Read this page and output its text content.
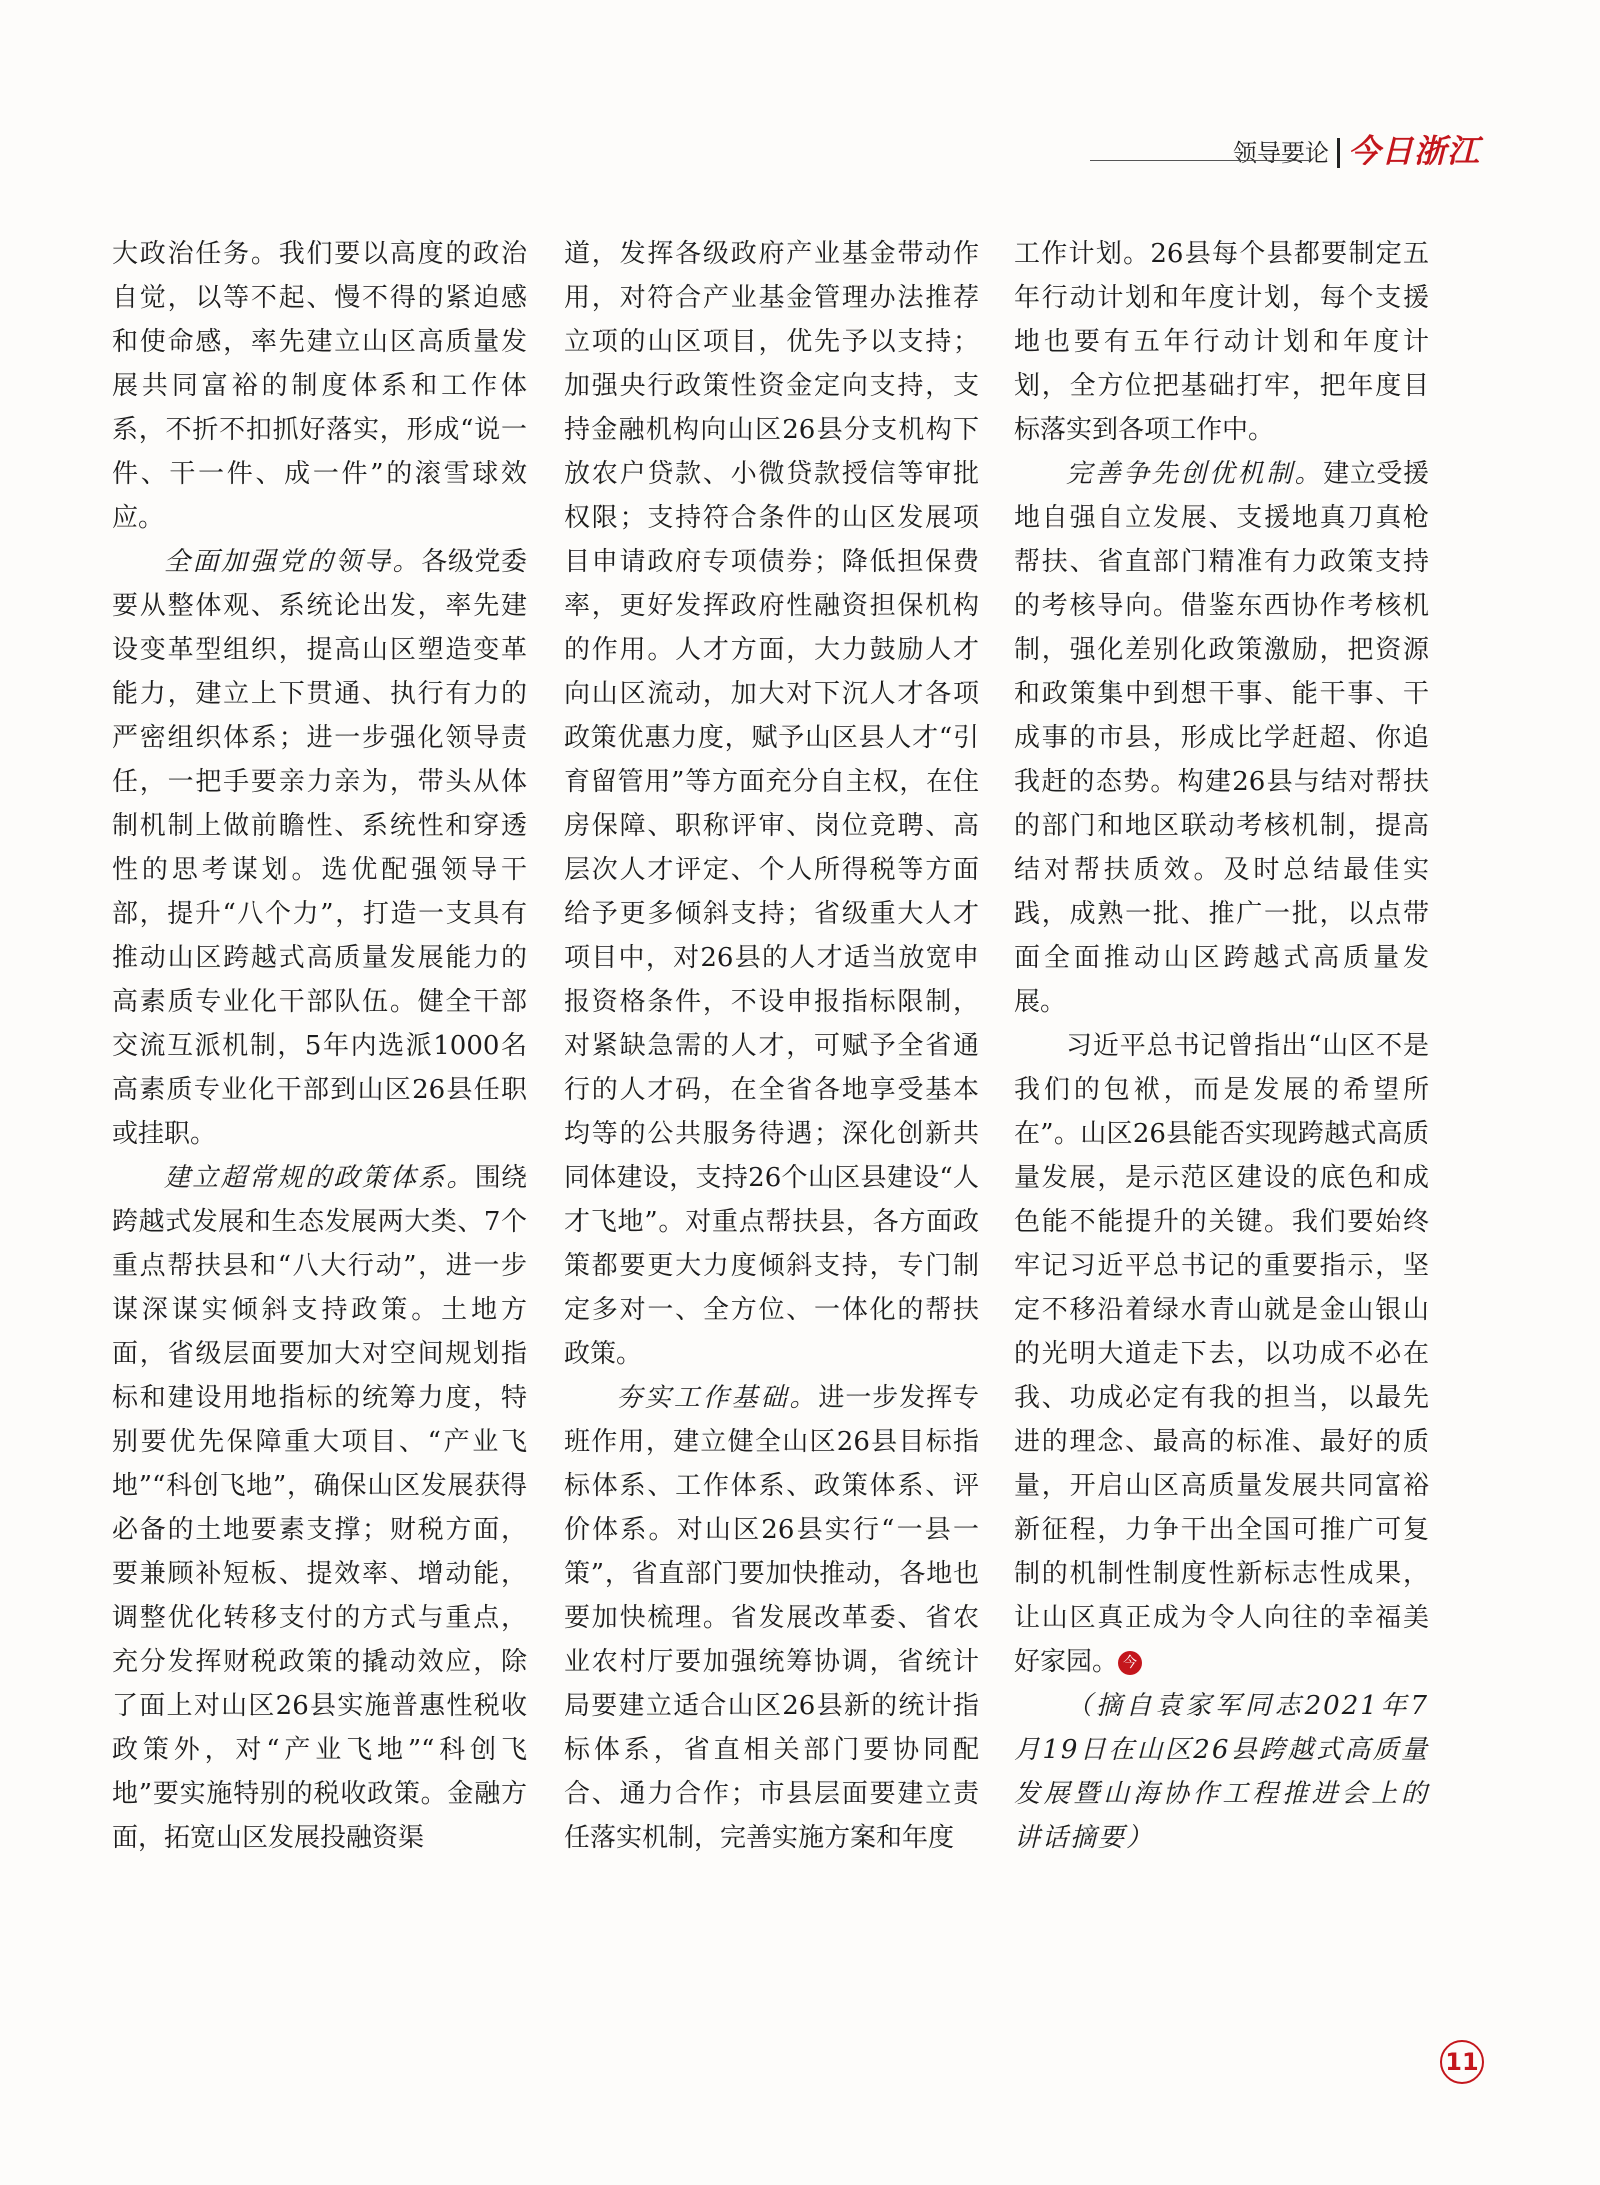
领导要论 今日浙江

大政治任务。我们要以高度的政治自觉，以等不起、慢不得的紧迫感和使命感，率先建立山区高质量发展共同富裕的制度体系和工作体系，不折不扣抓好落实，形成“说一件、干一件、成一件”的滚雪球效应。

全面加强党的领导。各级党委要从整体观、系统论出发，率先建设变革型组织，提高山区塑造变革能力，建立上下贯通、执行有力的严密组织体系；进一步强化领导责任，一把手要亲力亲为，带头从体制机制上做前瞻性、系统性和穿透性的思考谋划。选优配强领导干部，提升“八个力”，打造一支具有推动山区跨越式高质量发展能力的高素质专业化干部队伍。健全干部交流互派机制，5年内选派1000名高素质专业化干部到山区26县任职或挂职。

建立超常规的政策体系。围绕跨越式发展和生态发展两大类、7个重点帮扶县和“八大行动”，进一步谋深谋实倾斜支持政策。土地方面，省级层面要加大对空间规划指标和建设用地指标的统筹力度，特别要优先保障重大项目、“产业飞地”“科创飞地”，确保山区发展获得必备的土地要素支撑；财税方面，要兼顾补短板、提效率、增动能，调整优化转移支付的方式与重点，充分发挥财税政策的撬动效应，除了面上对山区26县实施普惠性税收政策外，对“产业飞地”“科创飞地”要实施特别的税收政策。金融方面，拓宽山区发展投融资渠

道，发挥各级政府产业基金带动作用，对符合产业基金管理办法推荐立项的山区项目，优先予以支持；加强央行政策性资金定向支持，支持金融机构向山区26县分支机构下放农户贷款、小微贷款授信等审批权限；支持符合条件的山区发展项目申请政府专项债券；降低担保费率，更好发挥政府性融资担保机构的作用。人才方面，大力鼓励人才向山区流动，加大对下沉人才各项政策优惠力度，赋予山区县人才“引育留管用”等方面充分自主权，在住房保障、职称评审、岗位竞聘、高层次人才评定、个人所得税等方面给予更多倾斜支持；省级重大人才项目中，对26县的人才适当放宽申报资格条件，不设申报指标限制，对紧缺急需的人才，可赋予全省通行的人才码，在全省各地享受基本均等的公共服务待遇；深化创新共同体建设，支持26个山区县建设“人才飞地”。对重点帮扶县，各方面政策都要更大力度倾斜支持，专门制定多对一、全方位、一体化的帮扶政策。

夯实工作基础。进一步发挥专班作用，建立健全山区26县目标指标体系、工作体系、政策体系、评价体系。对山区26县实行“一县一策”，省直部门要加快推动，各地也要加快梳理。省发展改革委、省农业农村厅要加强统筹协调，省统计局要建立适合山区26县新的统计指标体系，省直相关部门要协同配合、通力合作；市县层面要建立责任落实机制，完善实施方案和年度

工作计划。26县每个县都要制定五年行动计划和年度计划，每个支援地也要有五年行动计划和年度计划，全方位把基础打牢，把年度目标落实到各项工作中。

完善争先创优机制。建立受援地自强自立发展、支援地真刀真枪帮扶、省直部门精准有力政策支持的考核导向。借鉴东西协作考核机制，强化差别化政策激励，把资源和政策集中到想干事、能干事、干成事的市县，形成比学赶超、你追我赶的态势。构建26县与结对帮扶的部门和地区联动考核机制，提高结对帮扶质效。及时总结最佳实践，成熟一批、推广一批，以点带面全面推动山区跨越式高质量发展。

习近平总书记曾指出“山区不是我们的包袱，而是发展的希望所在”。山区26县能否实现跨越式高质量发展，是示范区建设的底色和成色能不能提升的关键。我们要始终牢记习近平总书记的重要指示，坚定不移沿着绿水青山就是金山银山的光明大道走下去，以功成不必在我、功成必定有我的担当，以最先进的理念、最高的标准、最好的质量，开启山区高质量发展共同富裕新征程，力争干出全国可推广可复制的机制性制度性新标志性成果，让山区真正成为令人向往的幸福美好家园。 今

（摘自袁家军同志2021年7月19日在山区26县跨越式高质量发展暨山海协作工程推进会上的讲话摘要）

11
